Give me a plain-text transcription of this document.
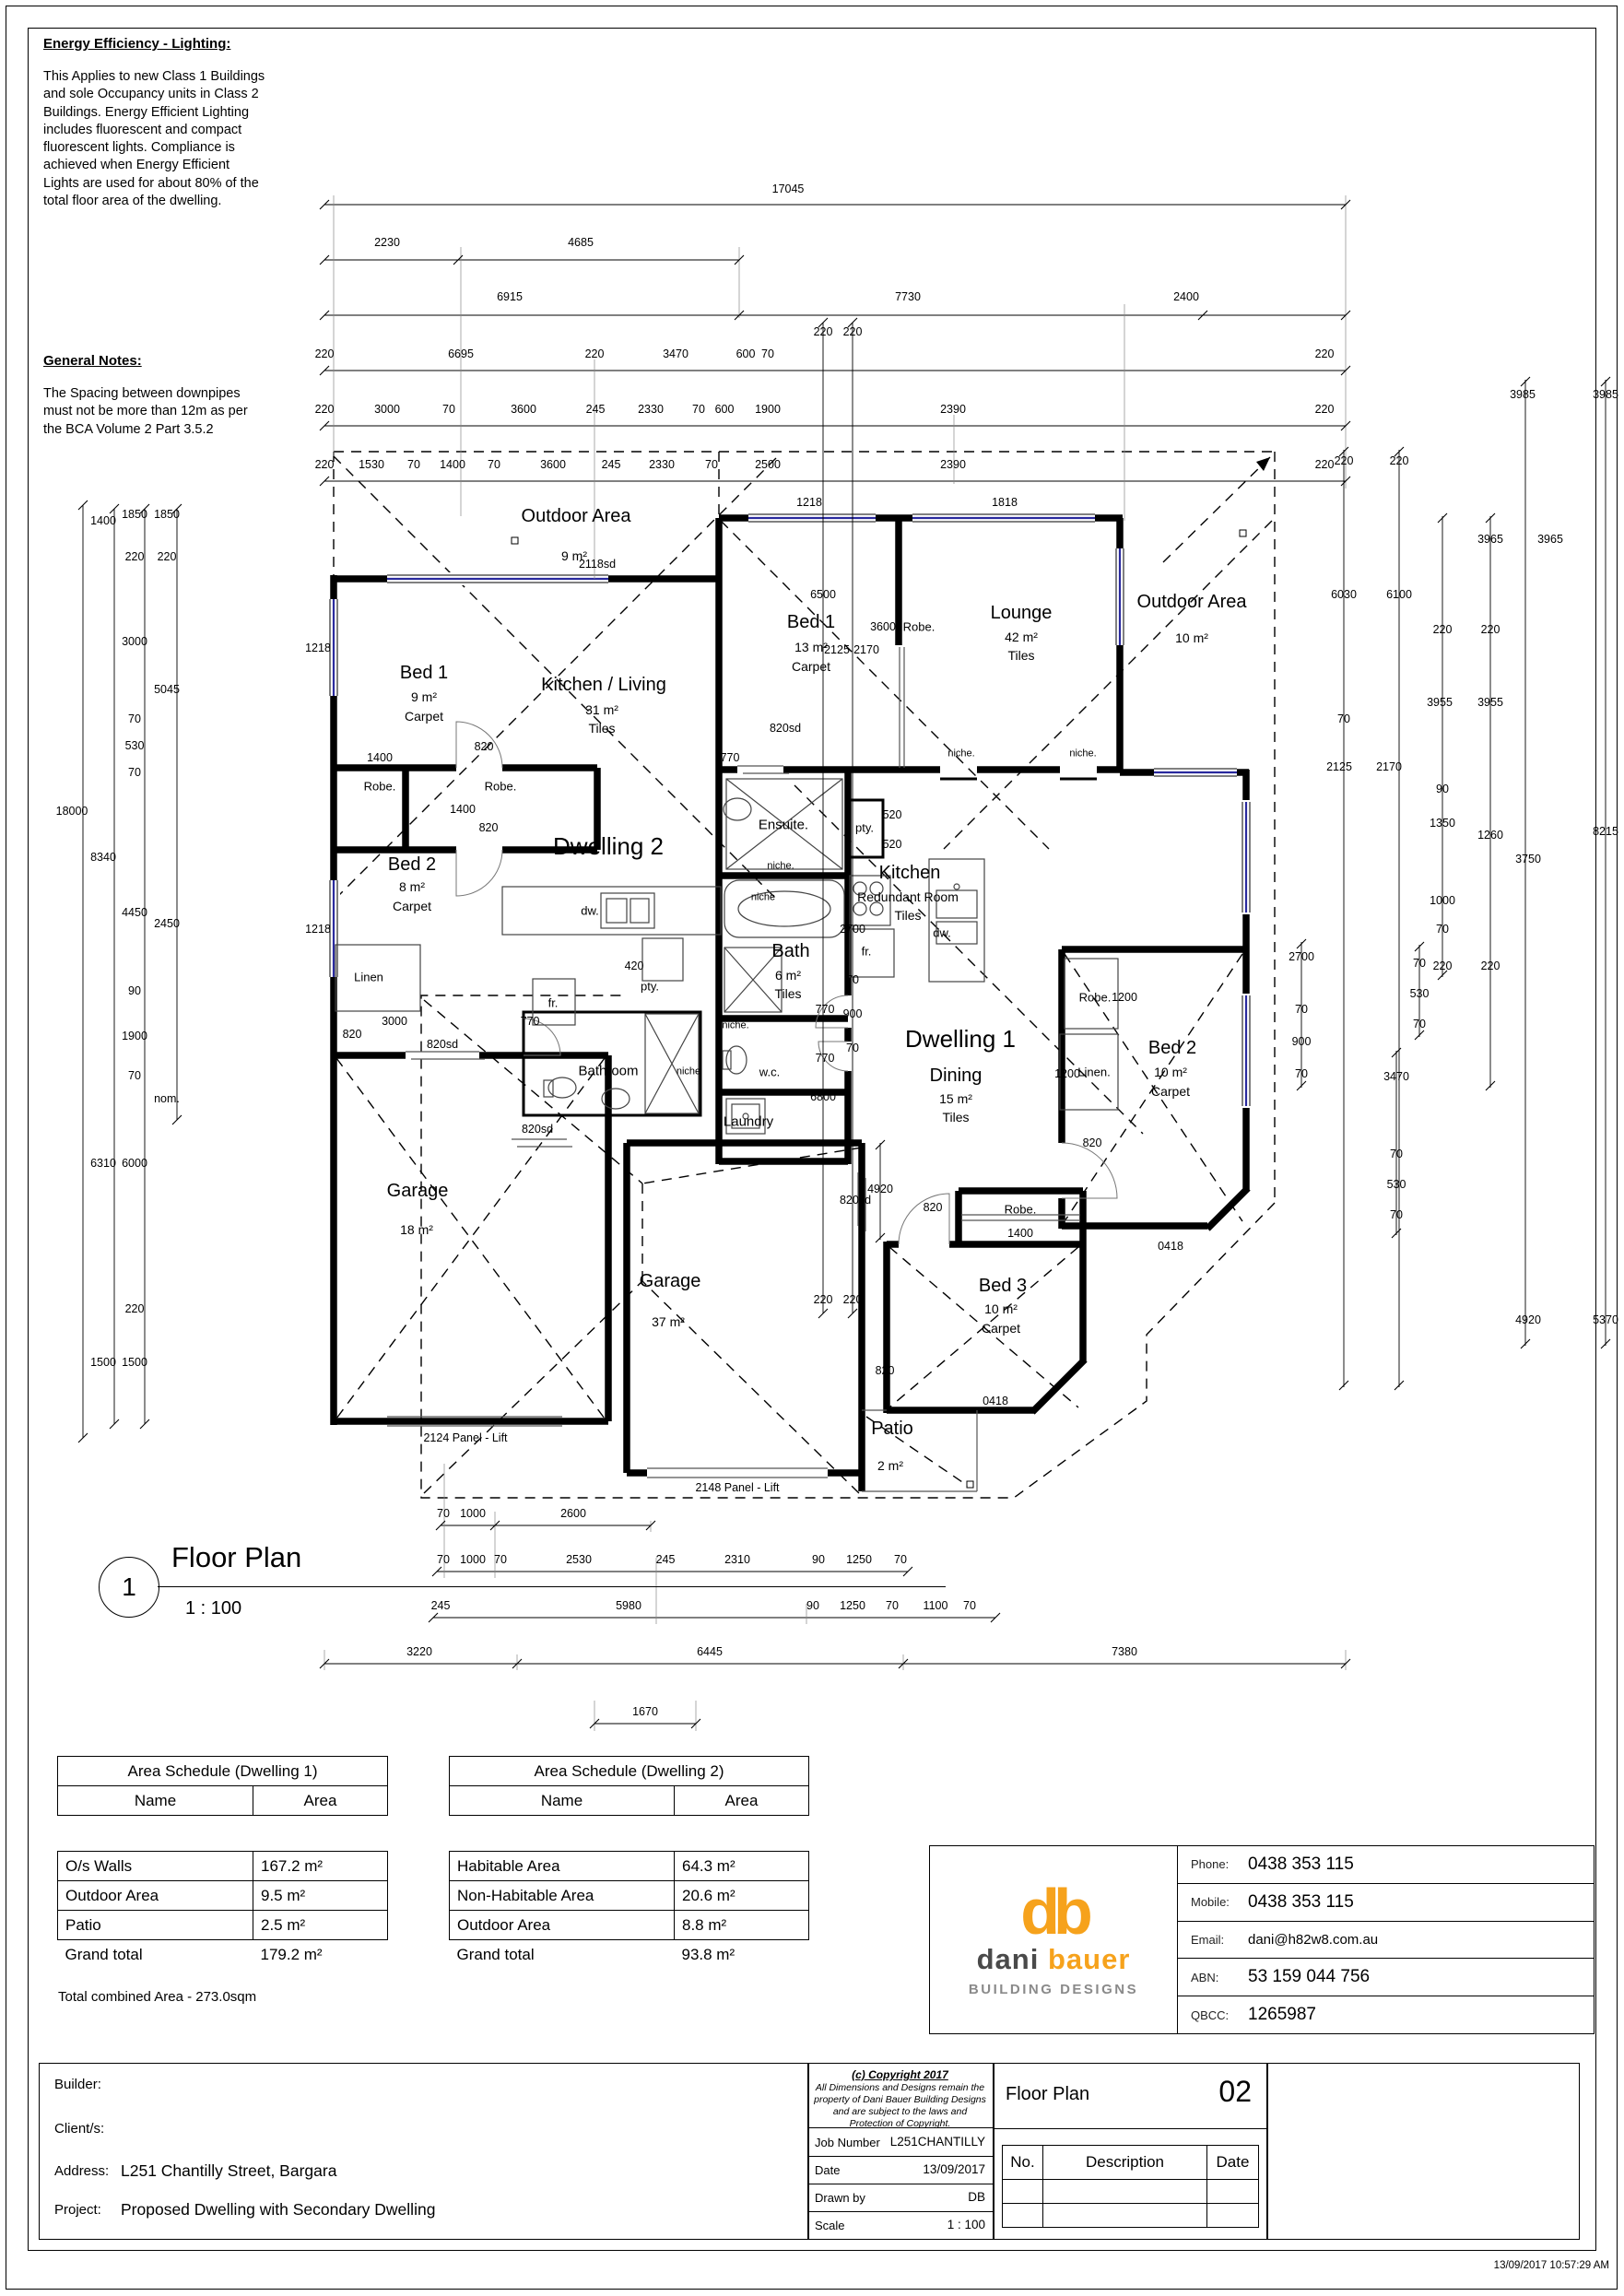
Energy Efficiency - Lighting:
This Applies to new Class 1 Buildings and sole Occupancy units in Class 2 Buildings. Energy Efficient Lighting includes fluorescent and compact fluorescent lights. Compliance is achieved when Energy Efficient Lights are used for about 80% of the total floor area of the dwelling.
General Notes:
The Spacing between downpipes must not be more than 12m as per the BCA Volume 2 Part 3.5.2
17045
2230	4685
6915	7730	2400
220	6695	220	3470	600 70	220
220	3000	70	3600	245	2330 70 600 1900	2390	220
220 1530 70 1400 70	3600	245 2330	70	2500	2390	220
18000
1400
8340
6310
1500
1850
220
3000
70
530
70
4450
90
1900
70
6000
220
1500
1850
220
5045
2450
nom.
220 220
6500
2125 2170
2700
70
900
70
6800
4920
220 220
2700
70
900
70	3470
70
530
70
70
530
70
3985	3985
220	220
3965	3965
6030	6100
220 220
3955 3955
70
2125 2170
90
1350
1260
3750
8215
1000
70
220 220
4920	5370
70 1000	2600
70 1000 70	2530	245	2310	90 1250 70
245	5980	90 1250 70 1100 70
3220	6445	7380
1670
Outdoor Area
9 m²
2118sd
Bed 1
13 m²
Carpet
Lounge
42 m²
Tiles
Outdoor Area
10 m²
1218	1818
3600 Robe.
niche.	niche.
820sd
770
Bed 1
9 m²
Carpet
1218
1218
Kitchen / Living
31 m²
Tiles
820
1400
Robe.	Robe.
1400
820
Dwelling 2
Bed 2
8 m²
Carpet	dw.
420
pty.
fr.
Linen
3000
820
820sd
770
Bathroom	niche
820sd
Ensuite.
niche.
niche
520
pty.
520
Kitchen
Redundant Room
Tiles
dw.
fr.
Bath
6 m²
Tiles
niche.
770
770
w.c.
Laundry
Dwelling 1
Dining
15 m²
Tiles
Robe. 1200
Linen.
1200
Bed 2
10 m²
Carpet
820
0418
Robe.
1400
820
820sd
Bed 3
10 m²
Carpet
820
0418
Patio
2 m²
Garage
18 m²
Garage
37 m²
2124 Panel - Lift
2148 Panel - Lift
1
Floor Plan
1 : 100
Area Schedule (Dwelling 1)
Name	Area
O/s Walls	167.2 m²
Outdoor Area	9.5 m²
Patio	2.5 m²
Grand total	179.2 m²
Area Schedule (Dwelling 2)
Name	Area
Habitable Area	64.3 m²
Non-Habitable Area	20.6 m²
Outdoor Area	8.8 m²
Grand total	93.8 m²
Total combined Area - 273.0sqm
db
dani bauer
BUILDING DESIGNS
Phone:	0438 353 115
Mobile:	0438 353 115
Email:	dani@h82w8.com.au
ABN:	53 159 044 756
QBCC:	1265987
Builder:
Client/s:
Address: L251 Chantilly Street, Bargara
Project: Proposed Dwelling with Secondary Dwelling
(c) Copyright 2017
All Dimensions and Designs remain the property of Dani Bauer Building Designs and are subject to the laws and Protection of Copyright.
Job Number L251CHANTILLY
Date	13/09/2017
Drawn by	DB
Scale	1 : 100
Floor Plan	02
No.	Description	Date

13/09/2017 10:57:29 AM
